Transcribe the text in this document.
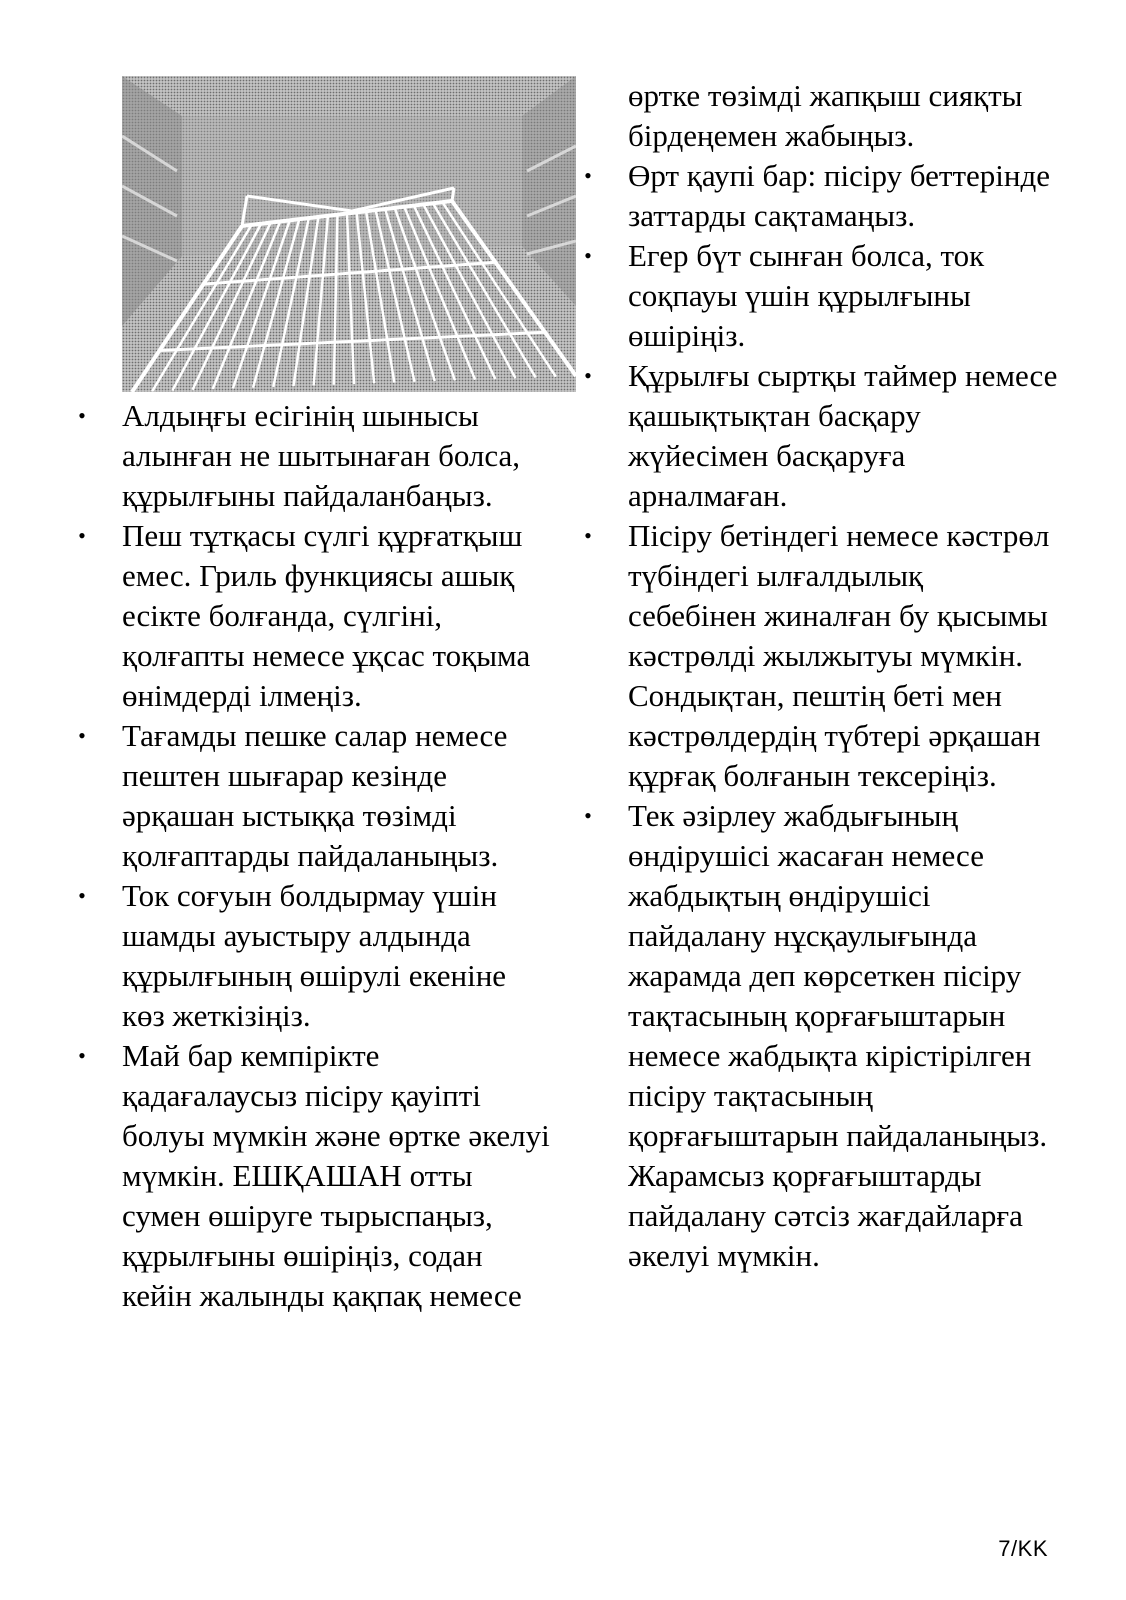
• Алдыңғы есігінің шынысы алынған не шытынаған болса, құрылғыны пайдаланбаңыз.
• Пеш тұтқасы сүлгі құрғатқыш емес. Гриль функциясы ашық есікте болғанда, сүлгіні, қолғапты немесе ұқсас тоқыма өнімдерді ілмеңіз.
• Тағамды пешке салар немесе пештен шығарар кезінде әрқашан ыстыққа төзімді қолғаптарды пайдаланыңыз.
• Ток соғуын болдырмау үшін шамды ауыстыру алдында құрылғының өшірулі екеніне көз жеткізіңіз.
• Май бар кемпірікте қадағалаусыз пісіру қауіпті болуы мүмкін және өртке әкелуі мүмкін. ЕШҚАШАН отты сумен өшіруге тырыспаңыз, құрылғыны өшіріңіз, содан кейін жалынды қақпақ немесе
өртке төзімді жапқыш сияқты бірдеңемен жабыңыз.
• Өрт қаупі бар: пісіру беттерінде заттарды сақтамаңыз.
• Егер бүт сынған болса, ток соқпауы үшін құрылғыны өшіріңіз.
• Құрылғы сыртқы таймер немесе қашықтықтан басқару жүйесімен басқаруға арналмаған.
• Пісіру бетіндегі немесе кәстрөл түбіндегі ылғалдылық себебінен жиналған бу қысымы кәстрөлді жылжытуы мүмкін. Сондықтан, пештің беті мен кәстрөлдердің түбтері әрқашан құрғақ болғанын тексеріңіз.
• Тек әзірлеу жабдығының өндірушісі жасаған немесе жабдықтың өндірушісі пайдалану нұсқаулығында жарамда деп көрсеткен пісіру тақтасының қорғағыштарын немесе жабдықта кірістірілген пісіру тақтасының қорғағыштарын пайдаланыңыз. Жарамсыз қорғағыштарды пайдалану сәтсіз жағдайларға әкелуі мүмкін.
7/KK
